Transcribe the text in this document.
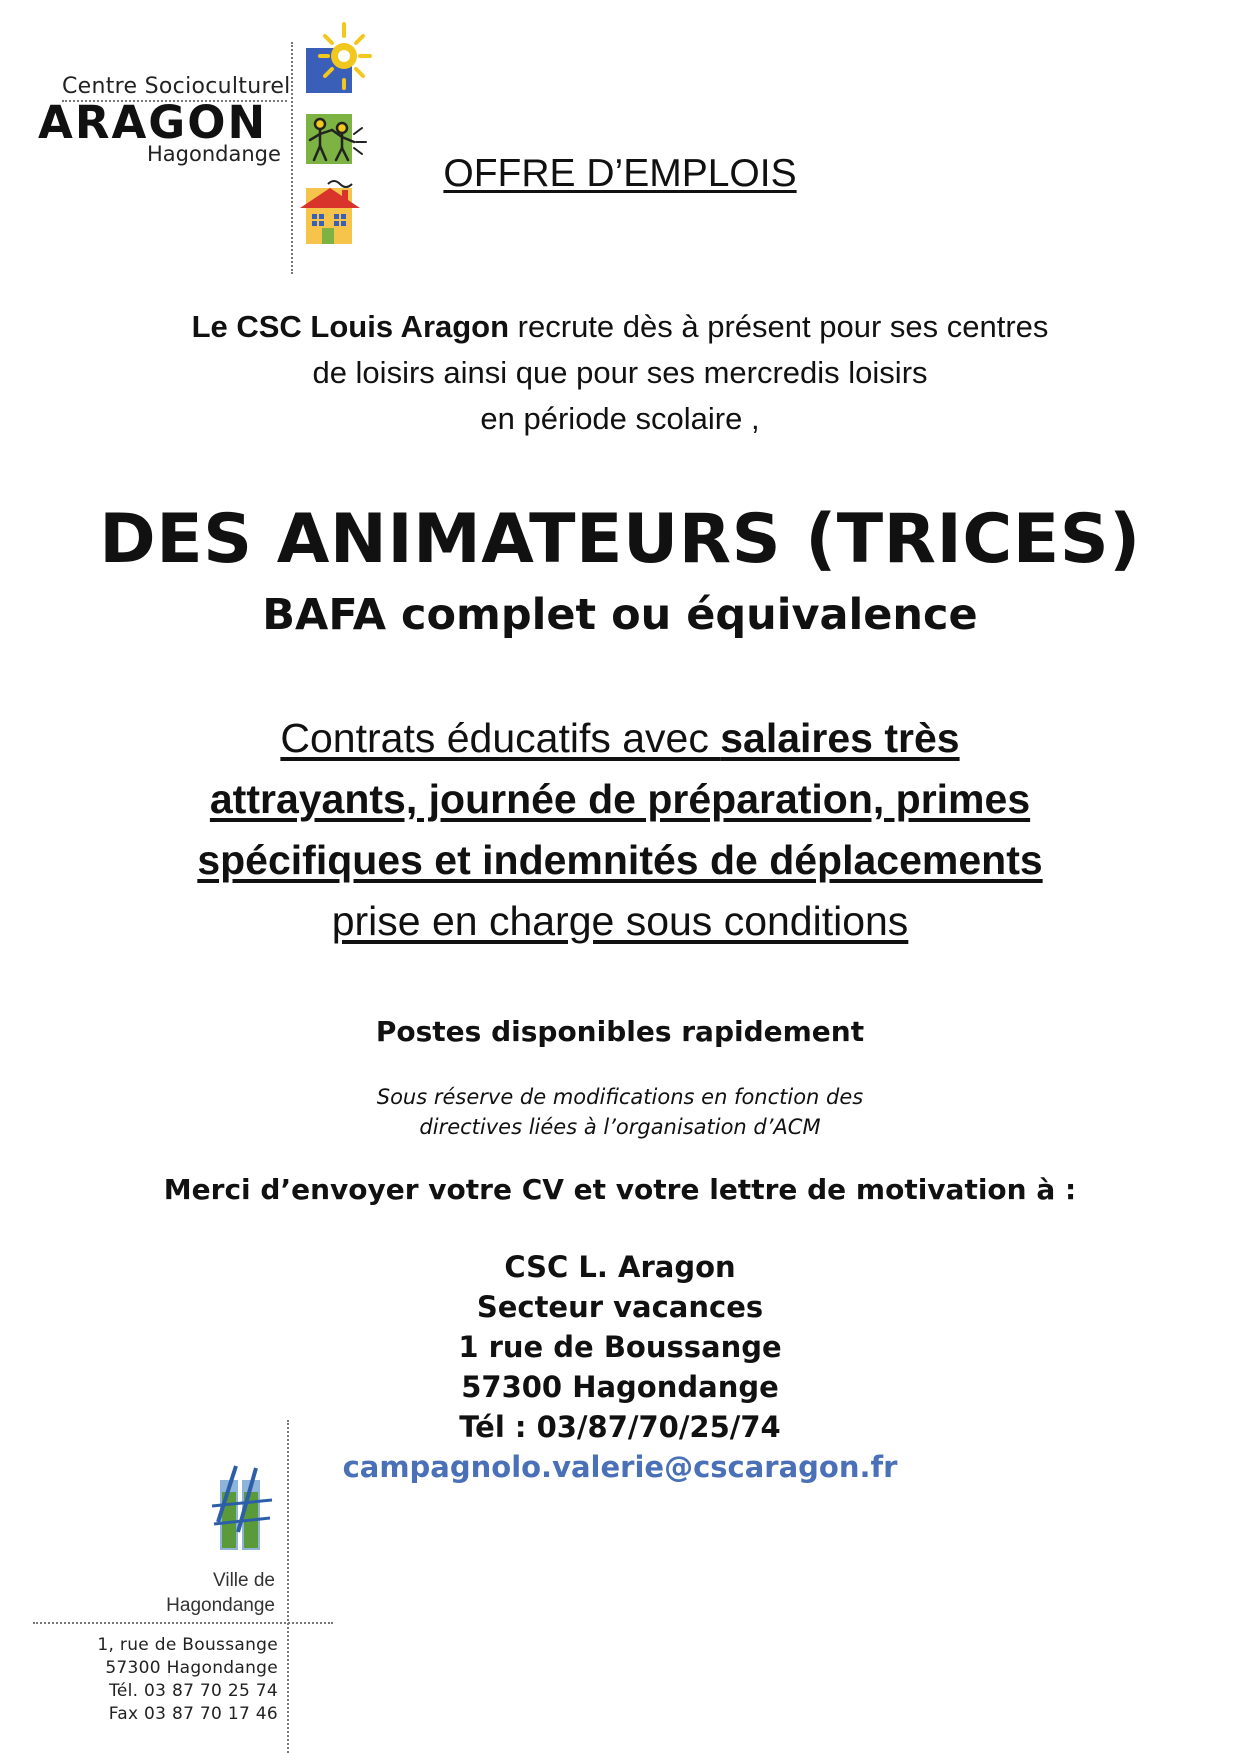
Centre Socioculturel
ARAGON
Hagondange	OFFRE D’EMPLOIS
Le CSC Louis Aragon recrute dès à présent pour ses centres
de loisirs ainsi que pour ses mercredis loisirs
en période scolaire ,
DES ANIMATEURS (TRICES)
BAFA complet ou équivalence
Contrats éducatifs avec salaires très
attrayants, journée de préparation, primes
spécifiques et indemnités de déplacements
prise en charge sous conditions
Postes disponibles rapidement
Sous réserve de modifications en fonction des
directives liées à l’organisation d’ACM
Merci d’envoyer votre CV et votre lettre de motivation à :
CSC L. Aragon
Secteur vacances
1 rue de Boussange
57300 Hagondange
Tél : 03/87/70/25/74
campagnolo.valerie@cscaragon.fr
Ville de
Hagondange
1, rue de Boussange
57300 Hagondange
Tél. 03 87 70 25 74
Fax 03 87 70 17 46
